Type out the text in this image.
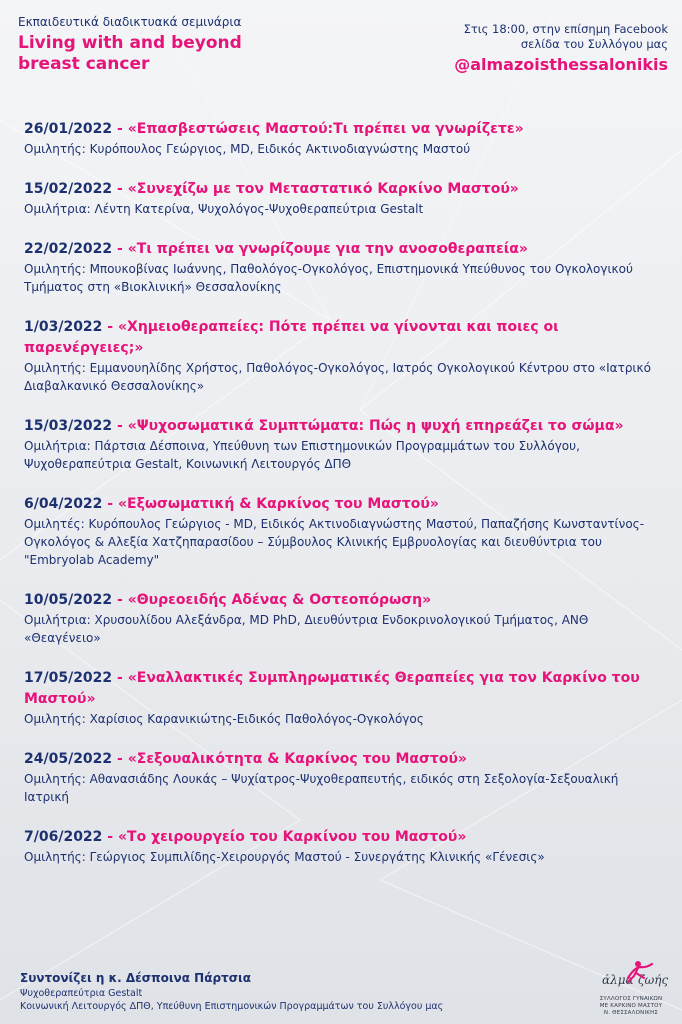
Εκπαιδευτικά διαδικτυακά σεμινάρια
Living with and beyond
breast cancer
Στις 18:00, στην επίσημη Facebook
σελίδα του Συλλόγου μας
@almazoisthessalonikis
26/01/2022 - «Επασβεστώσεις Μαστού:Τι πρέπει να γνωρίζετε»
Ομιλητής: Κυρόπουλος Γεώργιος, MD, Ειδικός Ακτινοδιαγνώστης Μαστού
15/02/2022 - «Συνεχίζω με τον Μεταστατικό Καρκίνο Μαστού»
Ομιλήτρια: Λέντη Κατερίνα, Ψυχολόγος-Ψυχοθεραπεύτρια Gestalt
22/02/2022 - «Τι πρέπει να γνωρίζουμε για την ανοσοθεραπεία»
Ομιλητής: Μπουκοβίνας Ιωάννης, Παθολόγος-Ογκολόγος, Επιστημονικά Υπεύθυνος του Ογκολογικού Τμήματος στη «Βιοκλινική» Θεσσαλονίκης
1/03/2022 - «Χημειοθεραπείες: Πότε πρέπει να γίνονται και ποιες οι παρενέργειες;»
Ομιλητής: Εμμανουηλίδης Χρήστος, Παθολόγος-Ογκολόγος, Ιατρός Ογκολογικού Κέντρου στο «Ιατρικό Διαβαλκανικό Θεσσαλονίκης»
15/03/2022 - «Ψυχοσωματικά Συμπτώματα: Πώς η ψυχή επηρεάζει το σώμα»
Ομιλήτρια: Πάρτσια Δέσποινα, Υπεύθυνη των Επιστημονικών Προγραμμάτων του Συλλόγου, Ψυχοθεραπεύτρια Gestalt, Κοινωνική Λειτουργός ΔΠΘ
6/04/2022 - «Εξωσωματική & Καρκίνος του Μαστού»
Ομιλητές: Κυρόπουλος Γεώργιος - MD, Ειδικός Ακτινοδιαγνώστης Μαστού, Παπαζήσης Κωνσταντίνος- Ογκολόγος & Αλεξία Χατζηπαρασίδου – Σύμβουλος Κλινικής Εμβρυολογίας και διευθύντρια του "Embryolab Academy"
10/05/2022 - «Θυρεοειδής Αδένας & Οστεοπόρωση»
Ομιλήτρια: Χρυσουλίδου Αλεξάνδρα, MD PhD, Διευθύντρια Ενδοκρινολογικού Τμήματος, ΑΝΘ «Θεαγένειο»
17/05/2022 - «Εναλλακτικές Συμπληρωματικές Θεραπείες για τον Καρκίνο του Μαστού»
Ομιλητής: Χαρίσιος Καρανικιώτης-Ειδικός Παθολόγος-Ογκολόγος
24/05/2022 - «Σεξουαλικότητα & Καρκίνος του Μαστού»
Ομιλητής: Αθανασιάδης Λουκάς – Ψυχίατρος-Ψυχοθεραπευτής, ειδικός στη Σεξολογία-Σεξουαλική Ιατρική
7/06/2022 - «Το χειρουργείο του Καρκίνου του Μαστού»
Ομιλητής: Γεώργιος Συμπιλίδης-Χειρουργός Μαστού - Συνεργάτης Κλινικής «Γένεσις»
Συντονίζει η κ. Δέσποινα Πάρτσια
Ψυχοθεραπεύτρια Gestalt
Κοινωνική Λειτουργός ΔΠΘ, Υπεύθυνη Επιστημονικών Προγραμμάτων του Συλλόγου μας
άλμα ζωής
ΣΥΛΛΟΓΟΣ ΓΥΝΑΙΚΩΝ
ΜΕ ΚΑΡΚΙΝΟ ΜΑΣΤΟΥ
Ν. ΘΕΣΣΑΛΟΝΙΚΗΣ
